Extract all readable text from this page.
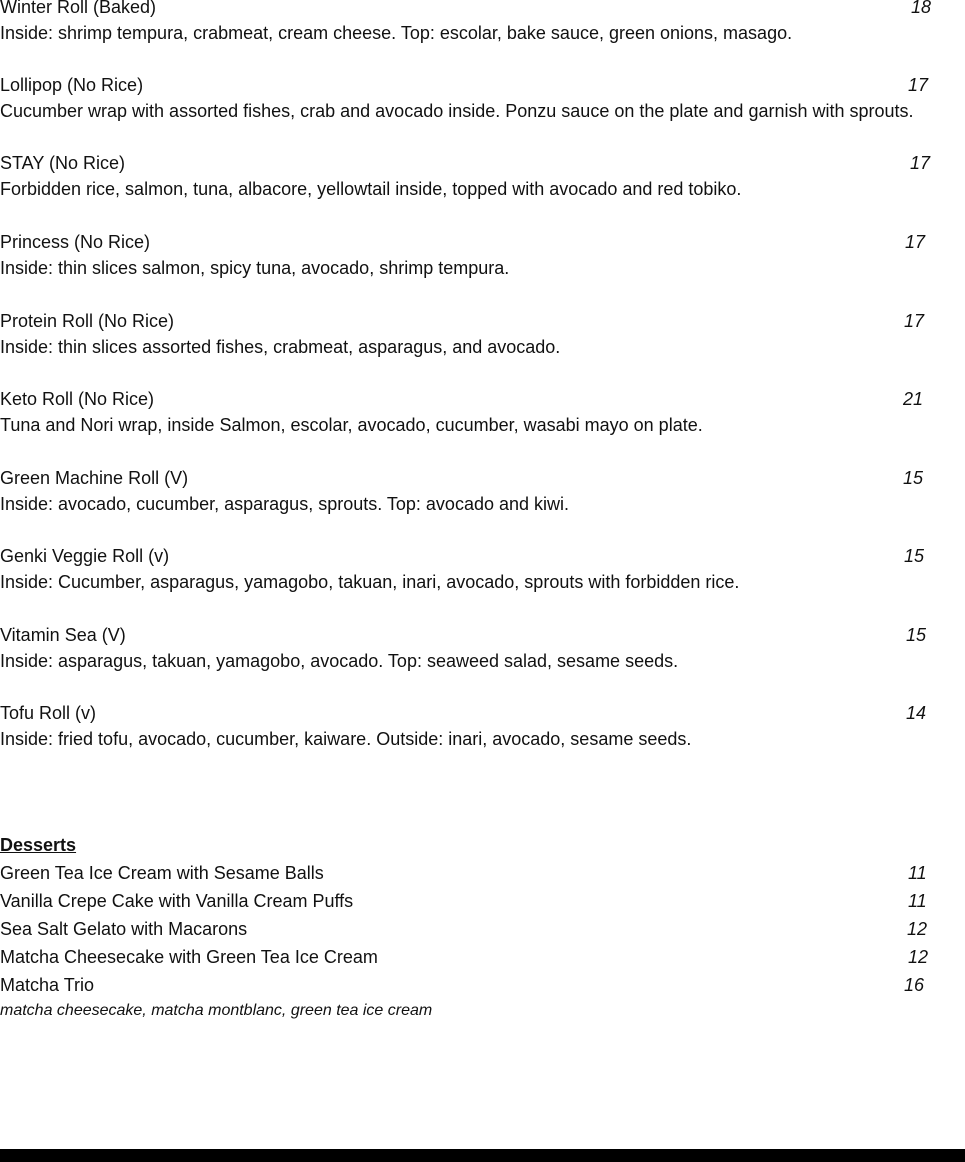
Winter Roll (Baked)	18
Inside: shrimp tempura, crabmeat, cream cheese. Top: escolar, bake sauce, green onions, masago.
Lollipop (No Rice)	17
Cucumber wrap with assorted fishes, crab and avocado inside. Ponzu sauce on the plate and garnish with sprouts.
STAY (No Rice)	17
Forbidden rice, salmon, tuna, albacore, yellowtail inside, topped with avocado and red tobiko.
Princess (No Rice)	17
Inside: thin slices salmon, spicy tuna, avocado, shrimp tempura.
Protein Roll (No Rice)	17
Inside: thin slices assorted fishes, crabmeat, asparagus, and avocado.
Keto Roll (No Rice)	21
Tuna and Nori wrap, inside Salmon, escolar, avocado, cucumber, wasabi mayo on plate.
Green Machine Roll (V)	15
Inside: avocado, cucumber, asparagus, sprouts. Top: avocado and kiwi.
Genki Veggie Roll (v)	15
Inside: Cucumber, asparagus, yamagobo, takuan, inari, avocado, sprouts with forbidden rice.
Vitamin Sea (V)	15
Inside: asparagus, takuan, yamagobo, avocado. Top: seaweed salad, sesame seeds.
Tofu Roll (v)	14
Inside: fried tofu, avocado, cucumber, kaiware. Outside: inari, avocado, sesame seeds.
Desserts
Green Tea Ice Cream with Sesame Balls	11
Vanilla Crepe Cake with Vanilla Cream Puffs	11
Sea Salt Gelato with Macarons	12
Matcha Cheesecake with Green Tea Ice Cream	12
Matcha Trio	16
matcha cheesecake, matcha montblanc, green tea ice cream
